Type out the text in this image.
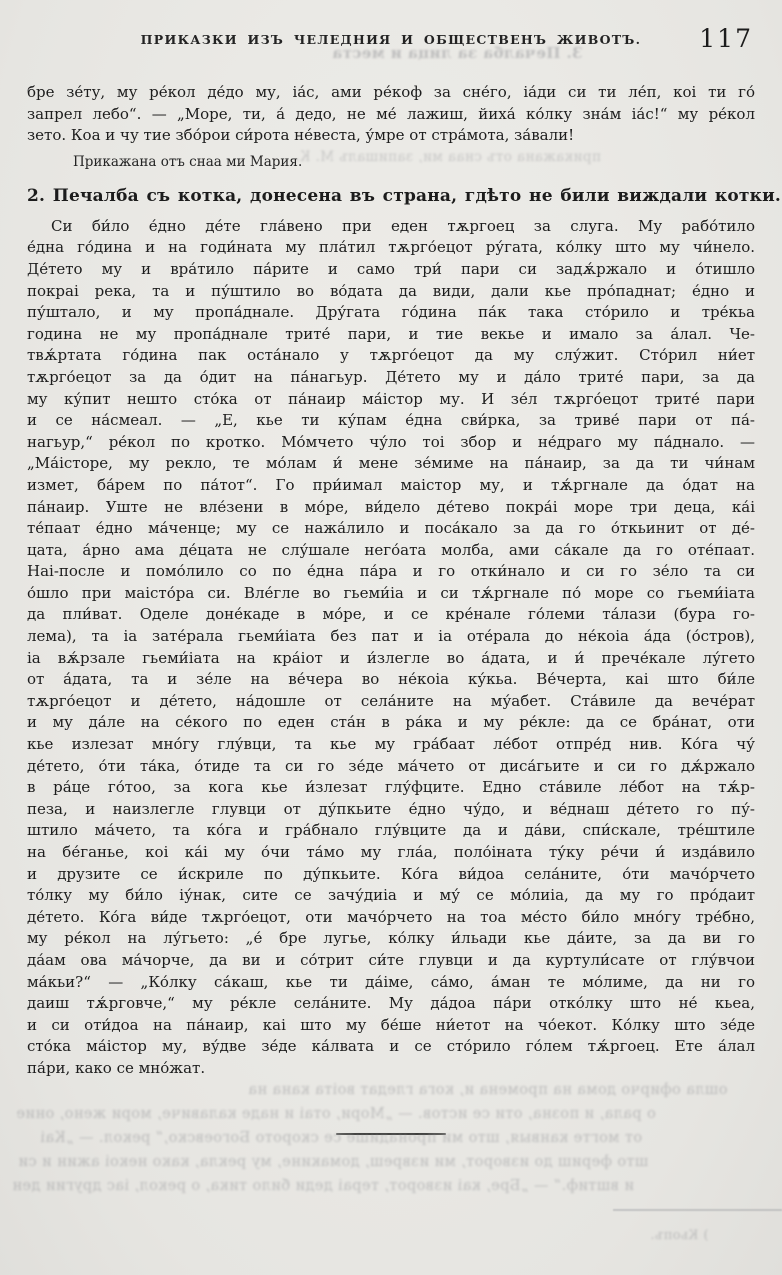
ПРИКАЗКИ ИЗЪ ЧЕЛЕДНИЯ И ОБЩЕСТВЕНЪ ЖИВОТЪ.	117
бре зе́ту, му ре́кол де́до му, іа́с, ами ре́коф за сне́го, іа́ди си ти ле́п, коі ти го́
запрел лебо“. — „Море, ти, а́ дедо, не ме́ лажиш, йиха́ ко́лку зна́м іа́с!“ му ре́кол
зето. Коа и чу тие збо́рои си́рота не́веста, у́мре от стра́мота, за́вали!
Прикажана отъ снаа ми Мария.
2. Печалба съ котка, донесена въ страна, гдѣто не били виждали котки.
Си би́ло е́дно де́те гла́вено при еден тѫргоец за слуга. Му рабо́тило
е́дна го́дина и на годи́ната му пла́тил тѫрго́ецот ру́гата, ко́лку што му чи́нело.
Де́тето му и вра́тило па́рите и само три́ пари си задѫ́ржало и о́тишло
покраі река, та и пу́штило во во́дата да види, дали кье про́паднат; е́дно и
пу́штало, и му пропа́днале. Дру́гата го́дина па́к така сто́рило и тре́кьа
година не му пропа́днале трите́ пари, и тие векье и имало за а́лал. Че-
твѫ́ртата го́дина пак оста́нало у тѫрго́ецот да му слу́жит. Сто́рил ни́ет
тѫрго́ецот за да о́дит на па́нагьур. Де́тето му и да́ло трите́ пари, за да
му ку́пит нешто сто́ка от па́наир ма́істор му. И зе́л тѫрго́ецот трите́ пари
и се на́смеал. — „Е, кье ти ку́пам е́дна сви́рка, за триве́ пари от па́-
нагьур,“ ре́кол по кротко. Мо́мчето чу́ло тоі збор и не́драго му па́днало. —
„Ма́історе, му рекло, те мо́лам и́ мене зе́миме на па́наир, за да ти чи́нам
измет, ба́рем по па́тот“. Го при́имал маістор му, и тѫ́ргнале да о́дат на
па́наир. Уште не вле́зени в мо́ре, ви́дело де́тево покра́і море три деца, ка́і
те́паат е́дно ма́ченце; му се нажа́лило и поса́кало за да го о́ткьинит от де́-
цата, а́рно ама де́цата не слу́шале него́ата молба, ами са́кале да го оте́паат.
Наі-после и помо́лило со по е́дна па́ра и го отки́нало и си го зе́ло та си
о́шло при маісто́ра си. Вле́гле во гьеми́іа и си тѫ́ргнале по́ море со гьеми́іата
да пли́ват. Оделе доне́каде в мо́ре, и се кре́нале го́леми та́лази (бура го-
лема), та іа зате́рала гьеми́іата без пат и іа оте́рала до не́коіа а́да (о́стров),
іа вѫ́рзале гьеми́іата на кра́іот и и́злегле во а́дата, и и́ прече́кале лу́гето
от а́дата, та и зе́ле на ве́чера во не́коіа ку́кьа. Ве́черта, каі што би́ле
тѫрго́ецот и де́тето, на́дошле от села́ните на му́абет. Ста́виле да вече́рат
и му да́ле на се́кого по еден ста́н в ра́ка и му ре́кле: да се бра́нат, оти
кье излезат мно́гу глу́вци, та кье му гра́баат ле́бот отпре́д нив. Ко́га чу́
де́тето, о́ти та́ка, о́тиде та си го зе́де ма́чето от диса́гьите и си го дѫ́ржало
в ра́це го́тоо, за кога кье и́злезат глу́фците. Едно ста́виле ле́бот на тѫ́р-
пеза, и наизлегле глувци от ду́пкьите е́дно чу́до, и ве́днаш де́тето го пу́-
штило ма́чето, та ко́га и гра́бнало глу́вците да и да́ви, спи́скале, тре́штиле
на бе́ганье, коі ка́і му о́чи та́мо му гла́а, поло́іната ту́ку ре́чи и́ изда́вило
и друзите се и́скриле по ду́пкьите. Ко́га ви́доа села́ните, о́ти мачо́рчето
то́лку му би́ло іу́нак, сите се зачу́диіа и му́ се мо́лиіа, да му го про́даит
де́тето. Ко́га ви́де тѫрго́ецот, оти мачо́рчето на тоа ме́сто би́ло мно́гу тре́бно,
му ре́кол на лу́гьето: „е́ бре лугье, ко́лку и́льади кье да́ите, за да ви го
да́ам ова ма́чорче, да ви и со́трит си́те глувци и да куртули́сате от глу́вчои
ма́кьи?“ — „Ко́лку са́каш, кье ти да́іме, са́мо, а́ман те мо́лиме, да ни го
даиш тѫ́рговче,“ му ре́кле села́ните. Му да́доа па́ри отко́лку што не́ кьеа,
и си оти́доа на па́наир, каі што му бе́ше ни́етот на чо́екот. Ко́лку што зе́де
сто́ка ма́істор му, ву́две зе́де ка́лвата и се сто́рило го́лем тѫ́ргоец. Ете а́лал
па́ри, како се мно́жат.
З. Печалба за лица и места
прикажана отъ снаа ми, запишалъ М. К.
ошла офирчо дома на промена и, кога гледат воіта кана на
о рала, и позна, оти се истов. — „Мори, отаі и наде калавиче, мори жено, оние
от могте канвыя, што ми пронадише се скорото Богоевско,“ рекол. — „Каі
што фериш до изворот, ми извреш, домакине, му рекла, како некоі ажин и си
и вштиф.“ — „Бре, каі изворот, тераі деди било тика, о рекол, іас другии ден
) Кьопъ.
